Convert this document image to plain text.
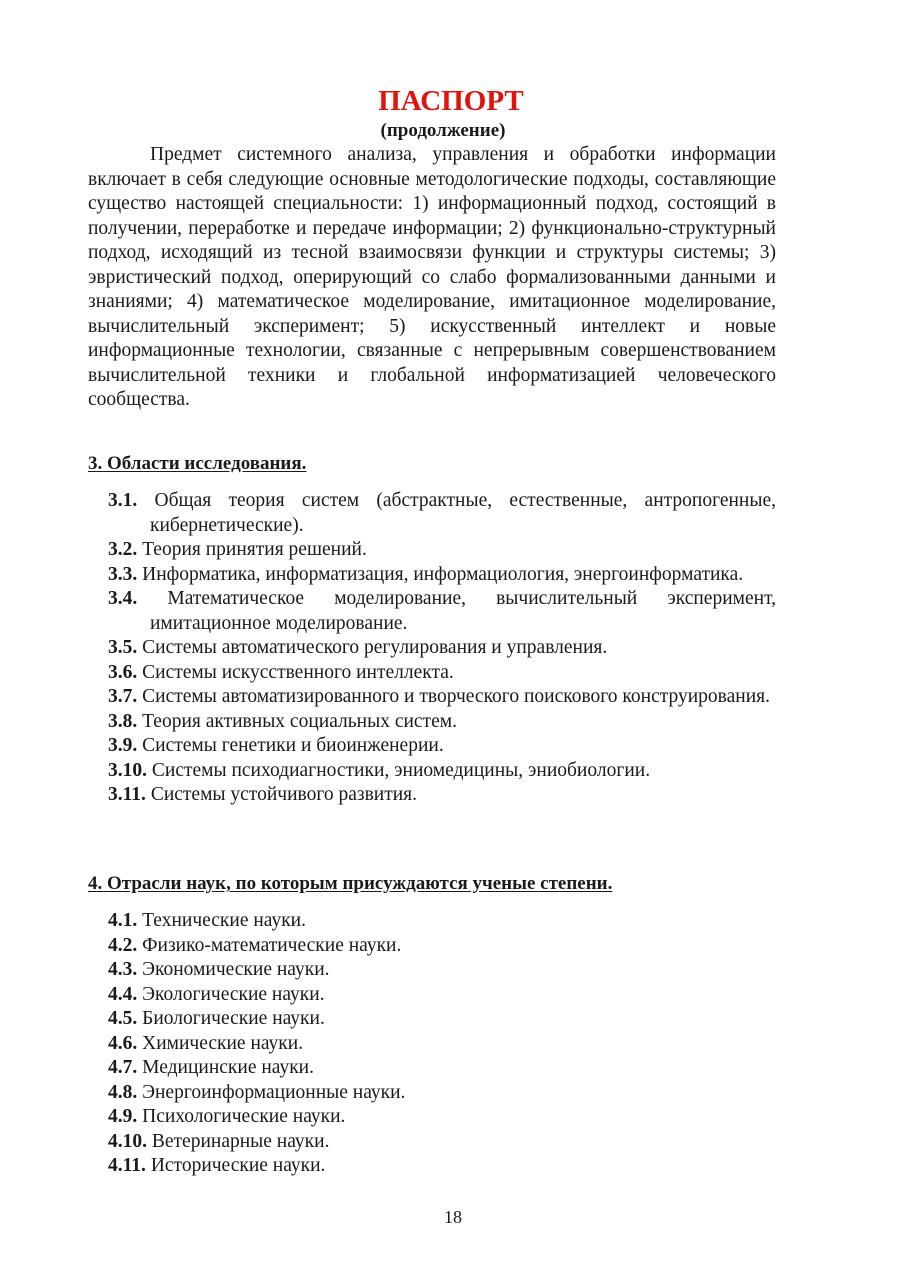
ПАСПОРТ
(продолжение)

Предмет системного анализа, управления и обработки информации включает в себя следующие основные методологические подходы, составляющие существо настоящей специальности: 1) информационный подход, состоящий в получении, переработке и передаче информации; 2) функционально-структурный подход, исходящий из тесной взаимосвязи функции и структуры системы; 3) эвристический подход, оперирующий со слабо формализованными данными и знаниями; 4) математическое моделирование, имитационное моделирование, вычислительный эксперимент; 5) искусственный интеллект и новые информационные технологии, связанные с непрерывным совершенствованием вычислительной техники и глобальной информатизацией человеческого сообщества.

3. Области исследования.

3.1. Общая теория систем (абстрактные, естественные, антропогенные, кибернетические).

3.2. Теория принятия решений.

3.3. Информатика, информатизация, информациология, энергоинформатика.

3.4. Математическое моделирование, вычислительный эксперимент, имитационное моделирование.

3.5. Системы автоматического регулирования и управления.

3.6. Системы искусственного интеллекта.

3.7. Системы автоматизированного и творческого поискового конструирования.

3.8. Теория активных социальных систем.

3.9. Системы генетики и биоинженерии.

3.10. Системы психодиагностики, эниомедицины, эниобиологии.

3.11. Системы устойчивого развития.

4. Отрасли наук, по которым присуждаются ученые степени.

4.1. Технические науки.

4.2. Физико-математические науки.

4.3. Экономические науки.

4.4. Экологические науки.

4.5. Биологические науки.

4.6. Химические науки.

4.7. Медицинские науки.

4.8. Энергоинформационные науки.

4.9. Психологические науки.

4.10. Ветеринарные науки.

4.11. Исторические науки.

18
